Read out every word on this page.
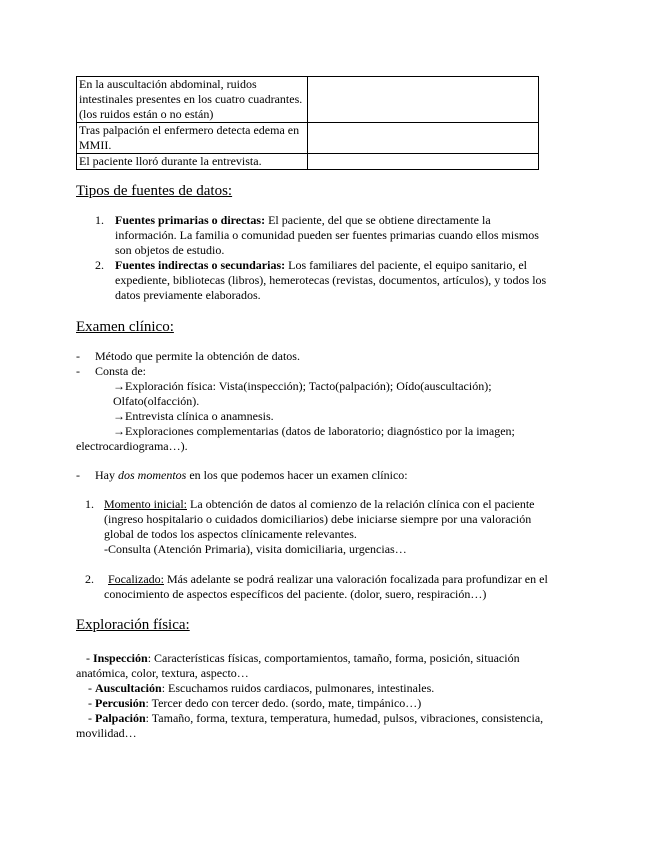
En la auscultación abdominal, ruidos intestinales presentes en los cuatro cuadrantes. (los ruidos están o no están)	
Tras palpación el enfermero detecta edema en MMII.	
El paciente lloró durante la entrevista.	
Tipos de fuentes de datos:
1. Fuentes primarias o directas: El paciente, del que se obtiene directamente la información. La familia o comunidad pueden ser fuentes primarias cuando ellos mismos son objetos de estudio.
2. Fuentes indirectas o secundarias: Los familiares del paciente, el equipo sanitario, el expediente, bibliotecas (libros), hemerotecas (revistas, documentos, artículos), y todos los datos previamente elaborados.
Examen clínico:
- Método que permite la obtención de datos.
- Consta de:
→Exploración física: Vista(inspección); Tacto(palpación); Oído(auscultación);
Olfato(olfacción).
→Entrevista clínica o anamnesis.
→Exploraciones complementarias (datos de laboratorio; diagnóstico por la imagen;
electrocardiograma…).
- Hay dos momentos en los que podemos hacer un examen clínico:
1. Momento inicial: La obtención de datos al comienzo de la relación clínica con el paciente (ingreso hospitalario o cuidados domiciliarios) debe iniciarse siempre por una valoración global de todos los aspectos clínicamente relevantes.
-Consulta (Atención Primaria), visita domiciliaria, urgencias…
2.	Focalizado: Más adelante se podrá realizar una valoración focalizada para profundizar en el conocimiento de aspectos específicos del paciente. (dolor, suero, respiración…)
Exploración física:
- Inspección: Características físicas, comportamientos, tamaño, forma, posición, situación anatómica, color, textura, aspecto…
- Auscultación: Escuchamos ruidos cardiacos, pulmonares, intestinales.
- Percusión: Tercer dedo con tercer dedo. (sordo, mate, timpánico…)
- Palpación: Tamaño, forma, textura, temperatura, humedad, pulsos, vibraciones, consistencia, movilidad…
